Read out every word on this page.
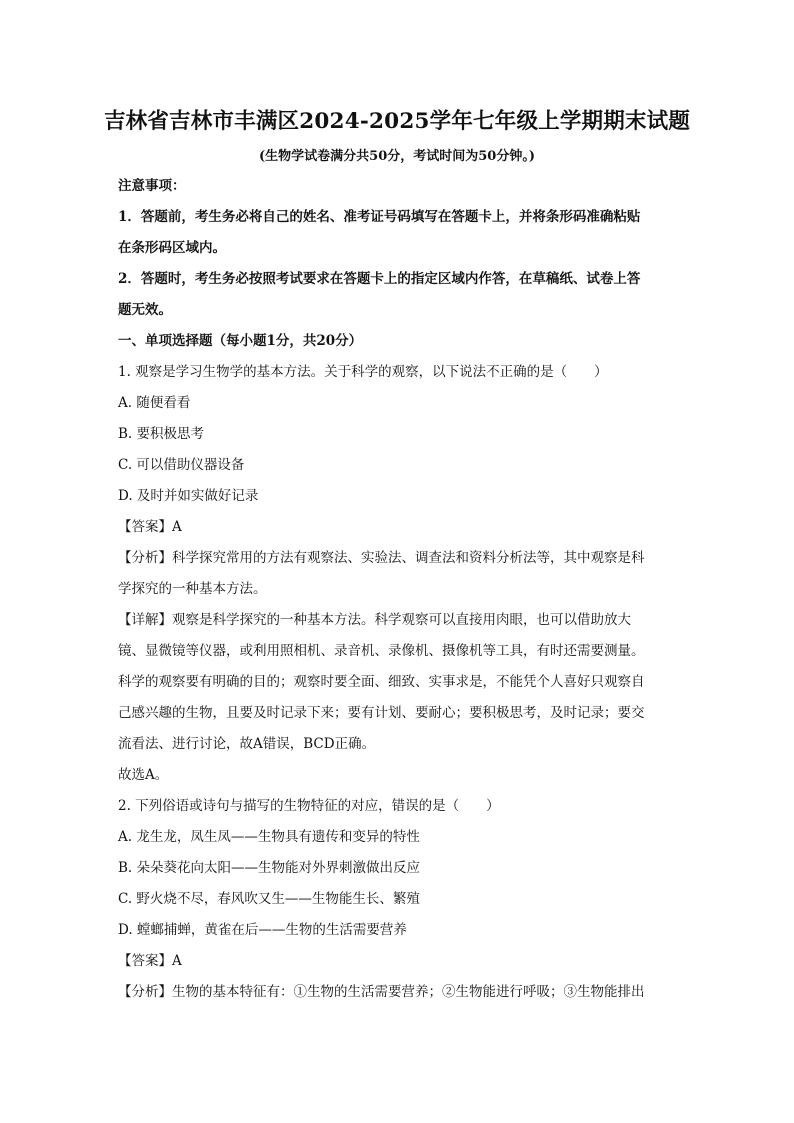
吉林省吉林市丰满区2024-2025学年七年级上学期期末试题
(生物学试卷满分共50分，考试时间为50分钟。)
注意事项：
1．答题前，考生务必将自己的姓名、准考证号码填写在答题卡上，并将条形码准确粘贴
在条形码区域内。
2．答题时，考生务必按照考试要求在答题卡上的指定区域内作答，在草稿纸、试卷上答
题无效。
一、单项选择题（每小题1分，共20分）
1. 观察是学习生物学的基本方法。关于科学的观察，以下说法不正确的是（　　）
A. 随便看看
B. 要积极思考
C. 可以借助仪器设备
D. 及时并如实做好记录
【答案】A
【分析】科学探究常用的方法有观察法、实验法、调查法和资料分析法等，其中观察是科
学探究的一种基本方法。
【详解】观察是科学探究的一种基本方法。科学观察可以直接用肉眼，也可以借助放大
镜、显微镜等仪器，或利用照相机、录音机、录像机、摄像机等工具，有时还需要测量。
科学的观察要有明确的目的；观察时要全面、细致、实事求是，不能凭个人喜好只观察自
己感兴趣的生物，且要及时记录下来；要有计划、要耐心；要积极思考，及时记录；要交
流看法、进行讨论，故A错误，BCD正确。
故选A。
2. 下列俗语或诗句与描写的生物特征的对应，错误的是（　　）
A. 龙生龙，凤生凤——生物具有遗传和变异的特性
B. 朵朵葵花向太阳——生物能对外界刺激做出反应
C. 野火烧不尽，春风吹又生——生物能生长、繁殖
D. 螳螂捕蝉，黄雀在后——生物的生活需要营养
【答案】A
【分析】生物的基本特征有：①生物的生活需要营养；②生物能进行呼吸；③生物能排出
